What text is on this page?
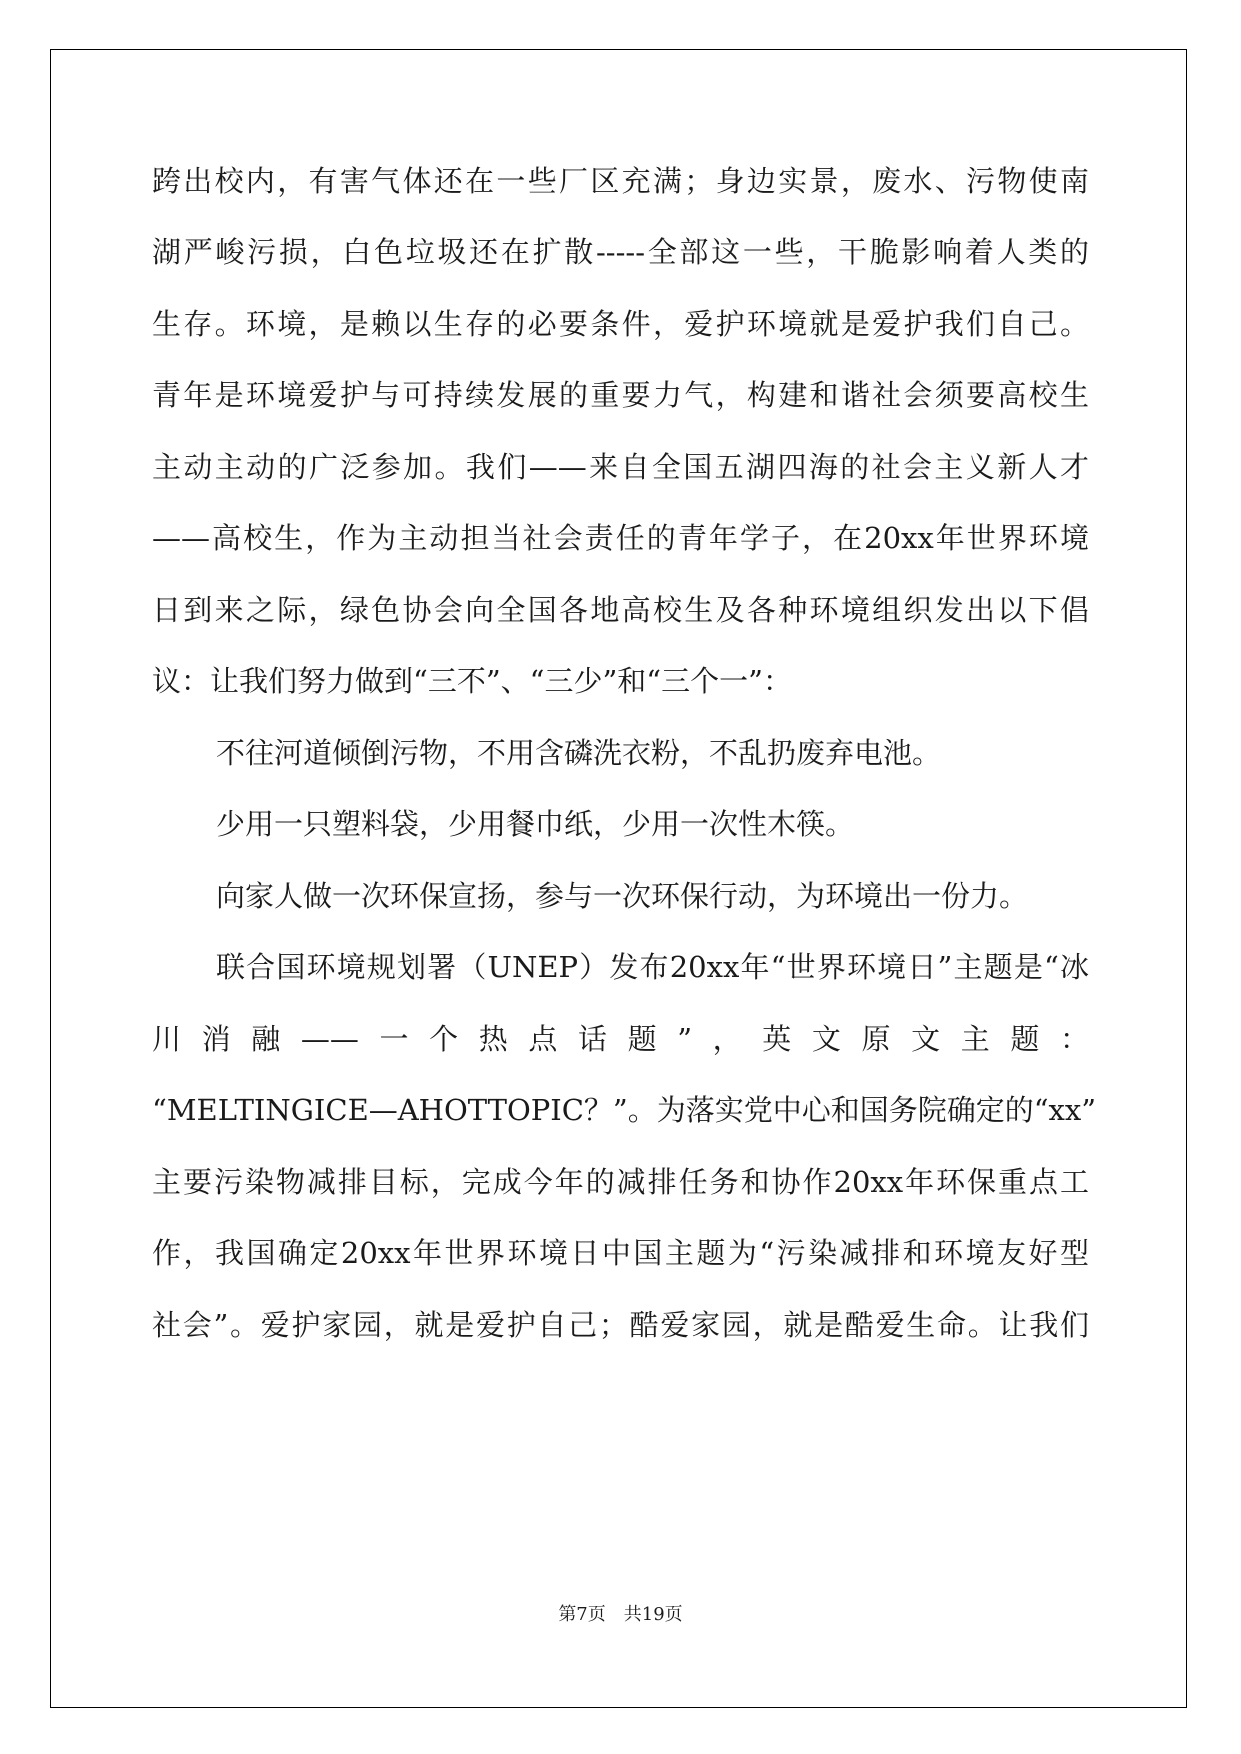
跨出校内，有害气体还在一些厂区充满；身边实景，废水、污物使南
湖严峻污损，白色垃圾还在扩散-----全部这一些，干脆影响着人类的
生存。环境，是赖以生存的必要条件，爱护环境就是爱护我们自己。
青年是环境爱护与可持续发展的重要力气，构建和谐社会须要高校生
主动主动的广泛参加。我们——来自全国五湖四海的社会主义新人才
——高校生，作为主动担当社会责任的青年学子，在20xx年世界环境
日到来之际，绿色协会向全国各地高校生及各种环境组织发出以下倡
议：让我们努力做到“三不”、“三少”和“三个一”：
不往河道倾倒污物，不用含磷洗衣粉，不乱扔废弃电池。
少用一只塑料袋，少用餐巾纸，少用一次性木筷。
向家人做一次环保宣扬，参与一次环保行动，为环境出一份力。
联合国环境规划署（UNEP）发布20xx年“世界环境日”主题是“冰
川消融——一个热点话题”，英文原文主题：
“MELTINGICE—AHOTTOPIC？”。为落实党中心和国务院确定的“xx”
主要污染物减排目标，完成今年的减排任务和协作20xx年环保重点工
作，我国确定20xx年世界环境日中国主题为“污染减排和环境友好型
社会”。爱护家园，就是爱护自己；酷爱家园，就是酷爱生命。让我们
第7页 共19页
